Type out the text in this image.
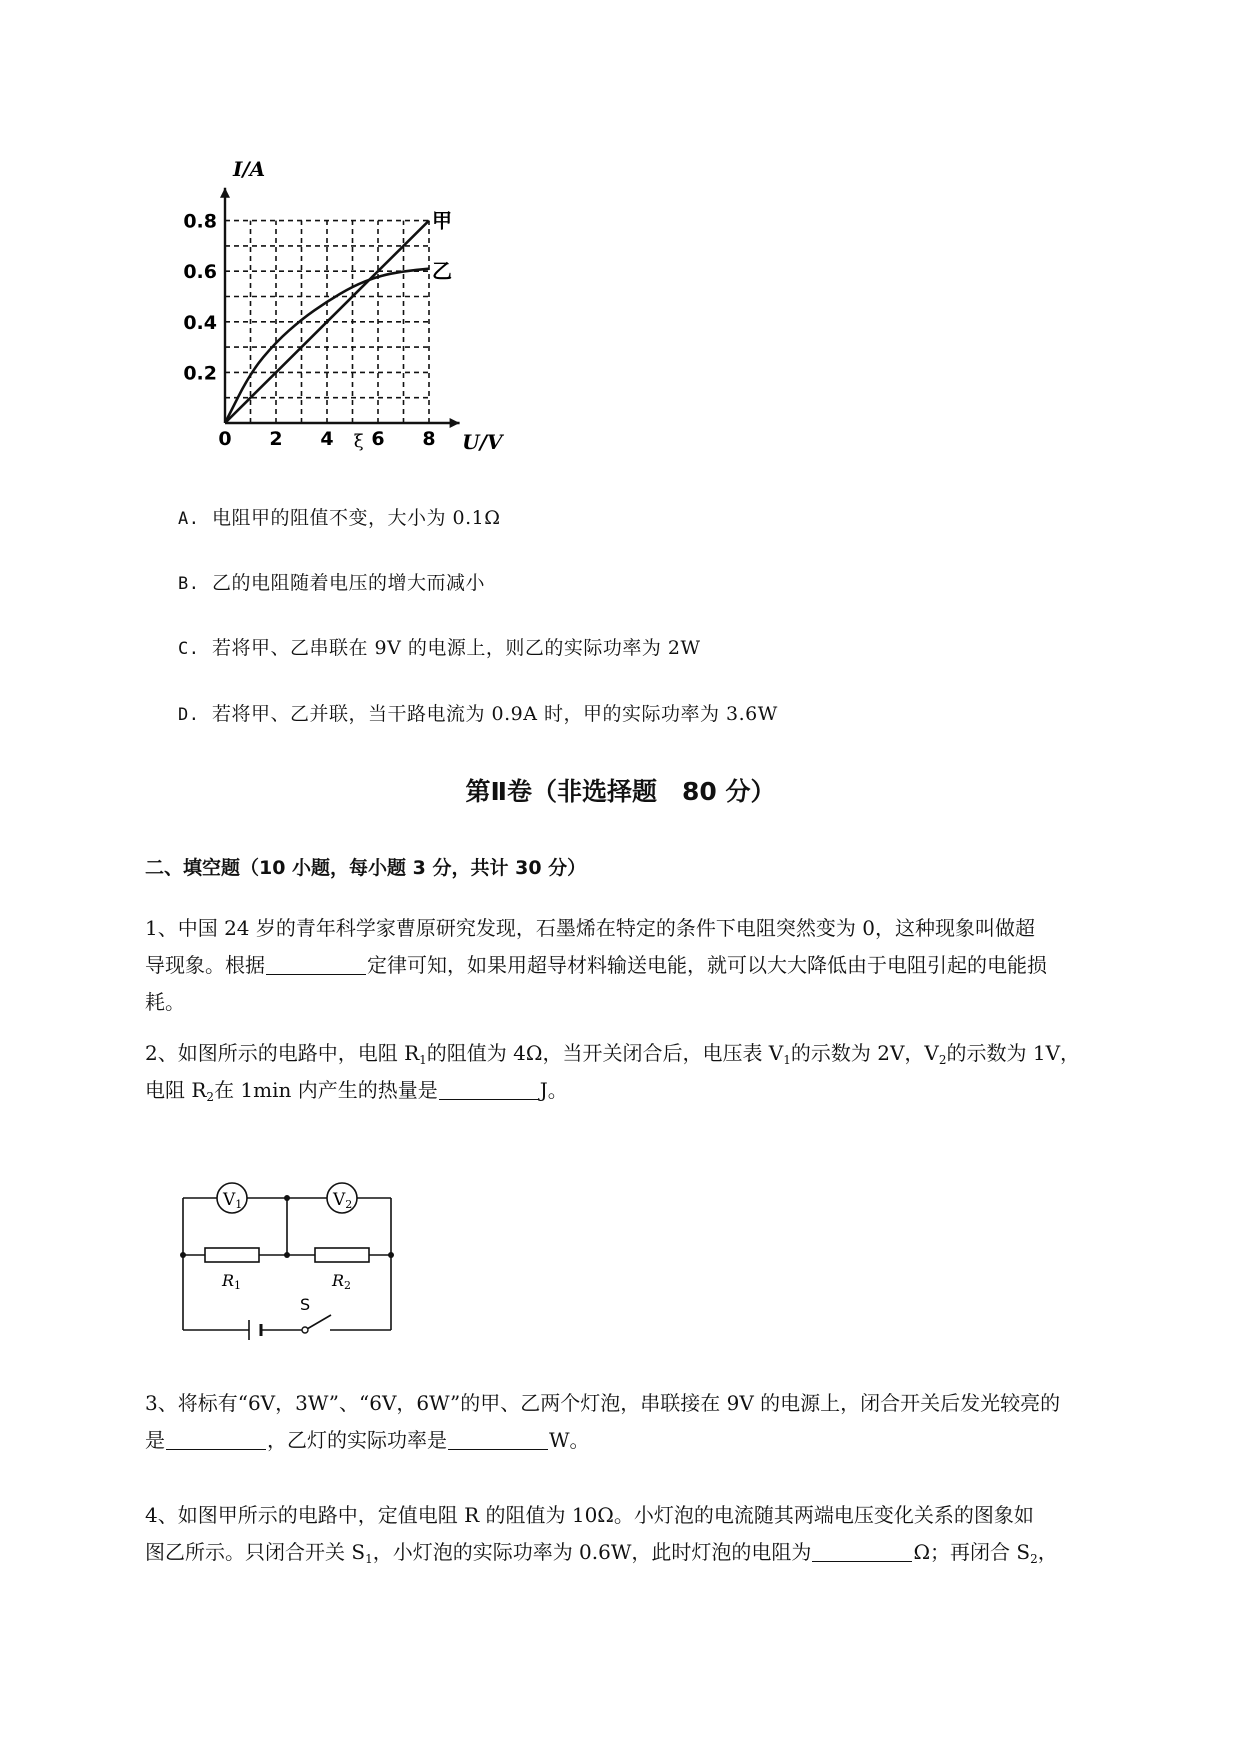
0.8
0.6
0.4
0.2
0 2 4 6 8
甲
乙
I/A
U/V
ξ
A. 电阻甲的阻值不变，大小为 0.1Ω
B. 乙的电阻随着电压的增大而减小
C. 若将甲、乙串联在 9V 的电源上，则乙的实际功率为 2W
D. 若将甲、乙并联，当干路电流为 0.9A 时，甲的实际功率为 3.6W
第Ⅱ卷（非选择题　80 分）
二、填空题（10 小题，每小题 3 分，共计 30 分）
1、中国 24 岁的青年科学家曹原研究发现，石墨烯在特定的条件下电阻突然变为 0，这种现象叫做超
导现象。根据	定律可知，如果用超导材料输送电能，就可以大大降低由于电阻引起的电能损
耗。
2、如图所示的电路中，电阻 $R_1$的阻值为 4Ω，当开关闭合后，电压表 $V_1$的示数为 2V，$V_2$的示数为 1V，
电阻 $R_2$在 1min 内产生的热量是	J。
V1	V2
R1	R2
S
3、将标有“6V，3W”、“6V，6W”的甲、乙两个灯泡，串联接在 9V 的电源上，闭合开关后发光较亮的
是	，乙灯的实际功率是	W。
4、如图甲所示的电路中，定值电阻 R 的阻值为 10Ω。小灯泡的电流随其两端电压变化关系的图象如
图乙所示。只闭合开关 $S_1$，小灯泡的实际功率为 0.6W，此时灯泡的电阻为	Ω；再闭合 $S_2$，
